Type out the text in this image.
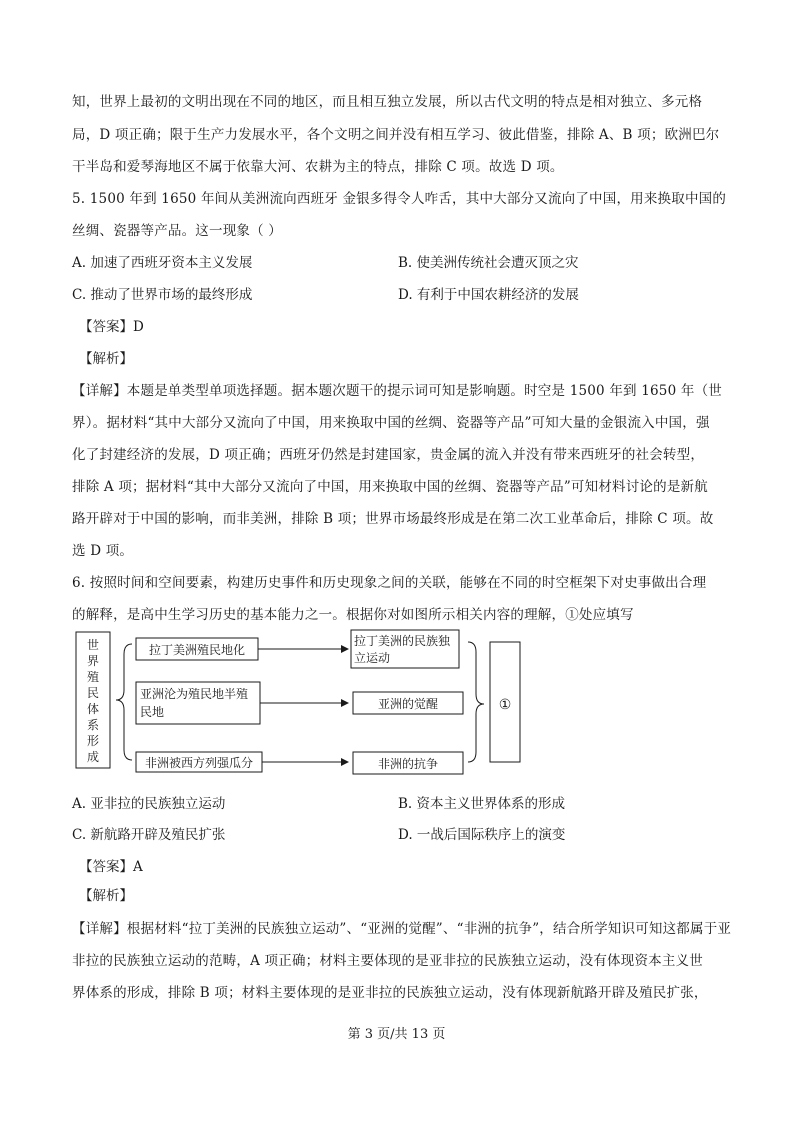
知，世界上最初的文明出现在不同的地区，而且相互独立发展，所以古代文明的特点是相对独立、多元格
局，D 项正确；限于生产力发展水平，各个文明之间并没有相互学习、彼此借鉴，排除 A、B 项；欧洲巴尔
干半岛和爱琴海地区不属于依靠大河、农耕为主的特点，排除 C 项。故选 D 项。
5. 1500 年到 1650 年间从美洲流向西班牙 金银多得令人咋舌，其中大部分又流向了中国，用来换取中国的
丝绸、瓷器等产品。这一现象（ ）
A. 加速了西班牙资本主义发展	B. 使美洲传统社会遭灭顶之灾
C. 推动了世界市场的最终形成	D. 有利于中国农耕经济的发展
【答案】D
【解析】
【详解】本题是单类型单项选择题。据本题次题干的提示词可知是影响题。时空是 1500 年到 1650 年（世
界）。据材料“其中大部分又流向了中国，用来换取中国的丝绸、瓷器等产品”可知大量的金银流入中国，强
化了封建经济的发展，D 项正确；西班牙仍然是封建国家，贵金属的流入并没有带来西班牙的社会转型，
排除 A 项；据材料“其中大部分又流向了中国，用来换取中国的丝绸、瓷器等产品”可知材料讨论的是新航
路开辟对于中国的影响，而非美洲，排除 B 项；世界市场最终形成是在第二次工业革命后，排除 C 项。故
选 D 项。
6. 按照时间和空间要素，构建历史事件和历史现象之间的关联，能够在不同的时空框架下对史事做出合理
的解释，是高中生学习历史的基本能力之一。根据你对如图所示相关内容的理解，①处应填写
世
界
殖
民
体
系
形
成
拉丁美洲殖民地化
亚洲沦为殖民地半殖
民地
非洲被西方列强瓜分
拉丁美洲的民族独
立运动
亚洲的觉醒
非洲的抗争
①
A. 亚非拉的民族独立运动	B. 资本主义世界体系的形成
C. 新航路开辟及殖民扩张	D. 一战后国际秩序上的演变
【答案】A
【解析】
【详解】根据材料“拉丁美洲的民族独立运动”、“亚洲的觉醒”、“非洲的抗争”，结合所学知识可知这都属于亚
非拉的民族独立运动的范畴，A 项正确；材料主要体现的是亚非拉的民族独立运动，没有体现资本主义世
界体系的形成，排除 B 项；材料主要体现的是亚非拉的民族独立运动，没有体现新航路开辟及殖民扩张，
第 3 页/共 13 页
